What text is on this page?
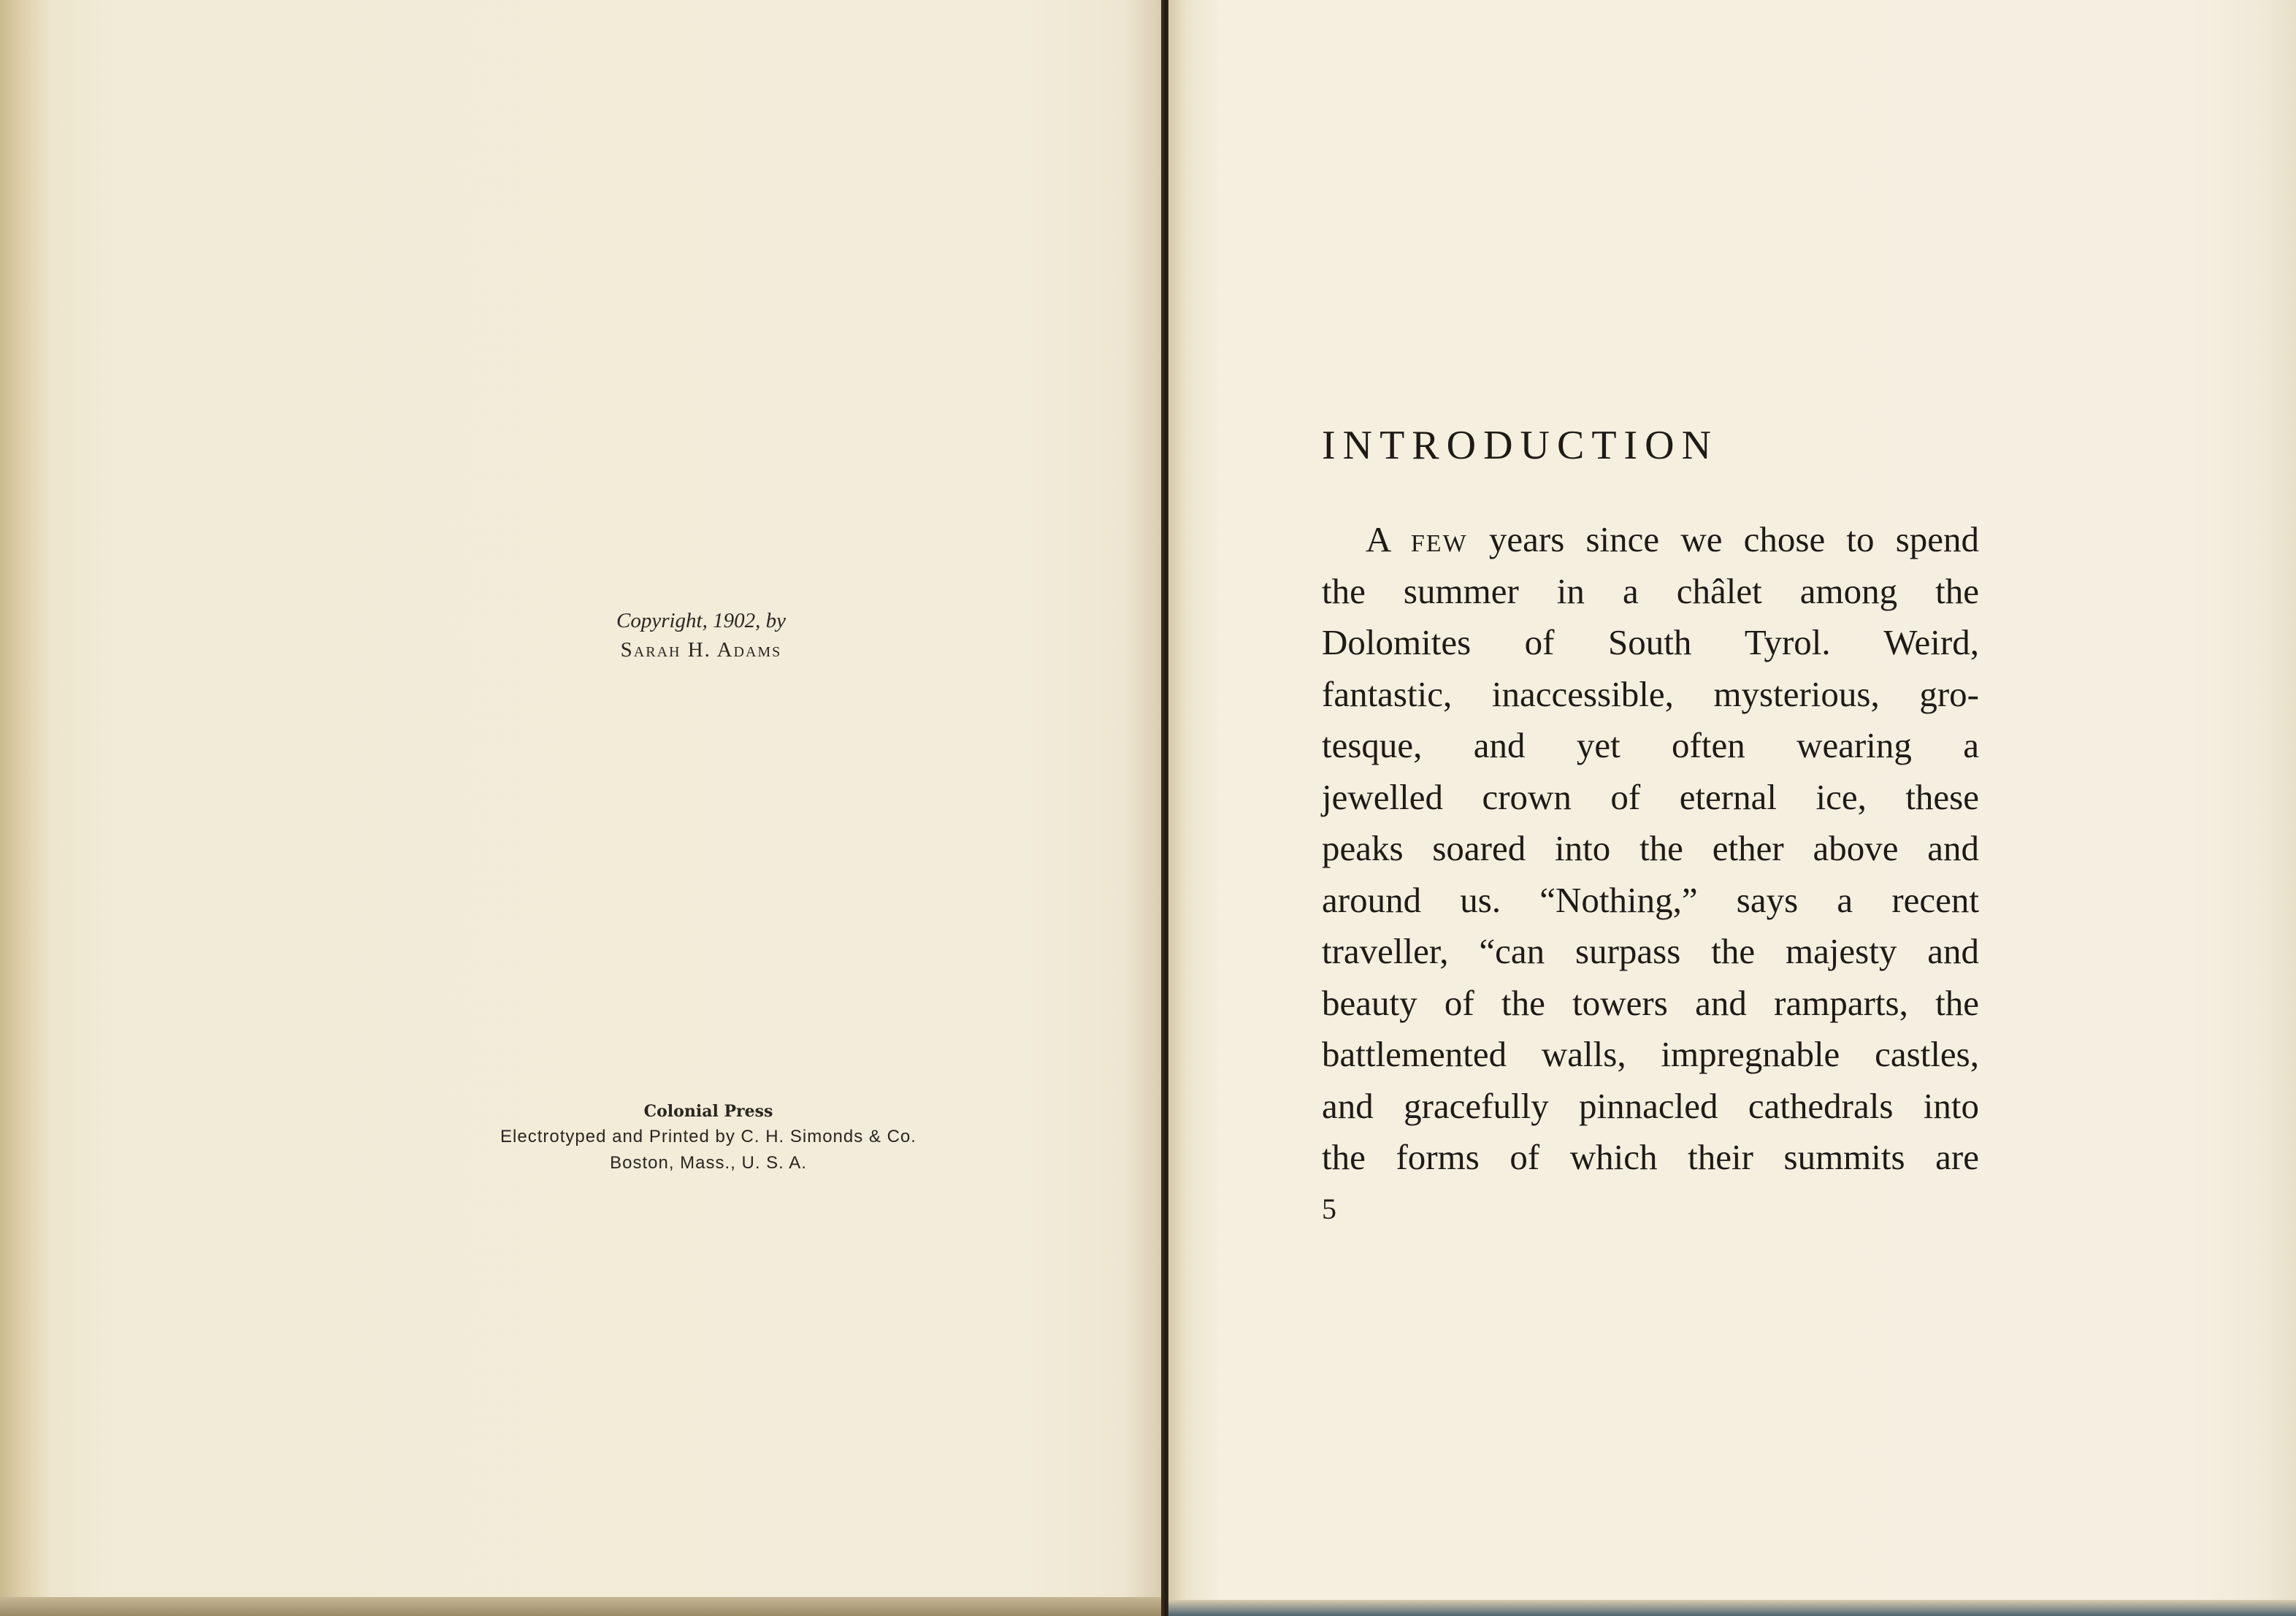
Copyright, 1902, by
Sarah H. Adams
Colonial Press
Electrotyped and Printed by C. H. Simonds & Co.
Boston, Mass., U. S. A.
INTRODUCTION
A few years since we chose to spend
the summer in a châlet among the
Dolomites of South Tyrol. Weird,
fantastic, inaccessible, mysterious, gro-
tesque, and yet often wearing a
jewelled crown of eternal ice, these
peaks soared into the ether above and
around us. “Nothing,” says a recent
traveller, “can surpass the majesty and
beauty of the towers and ramparts, the
battlemented walls, impregnable castles,
and gracefully pinnacled cathedrals into
the forms of which their summits are
5
